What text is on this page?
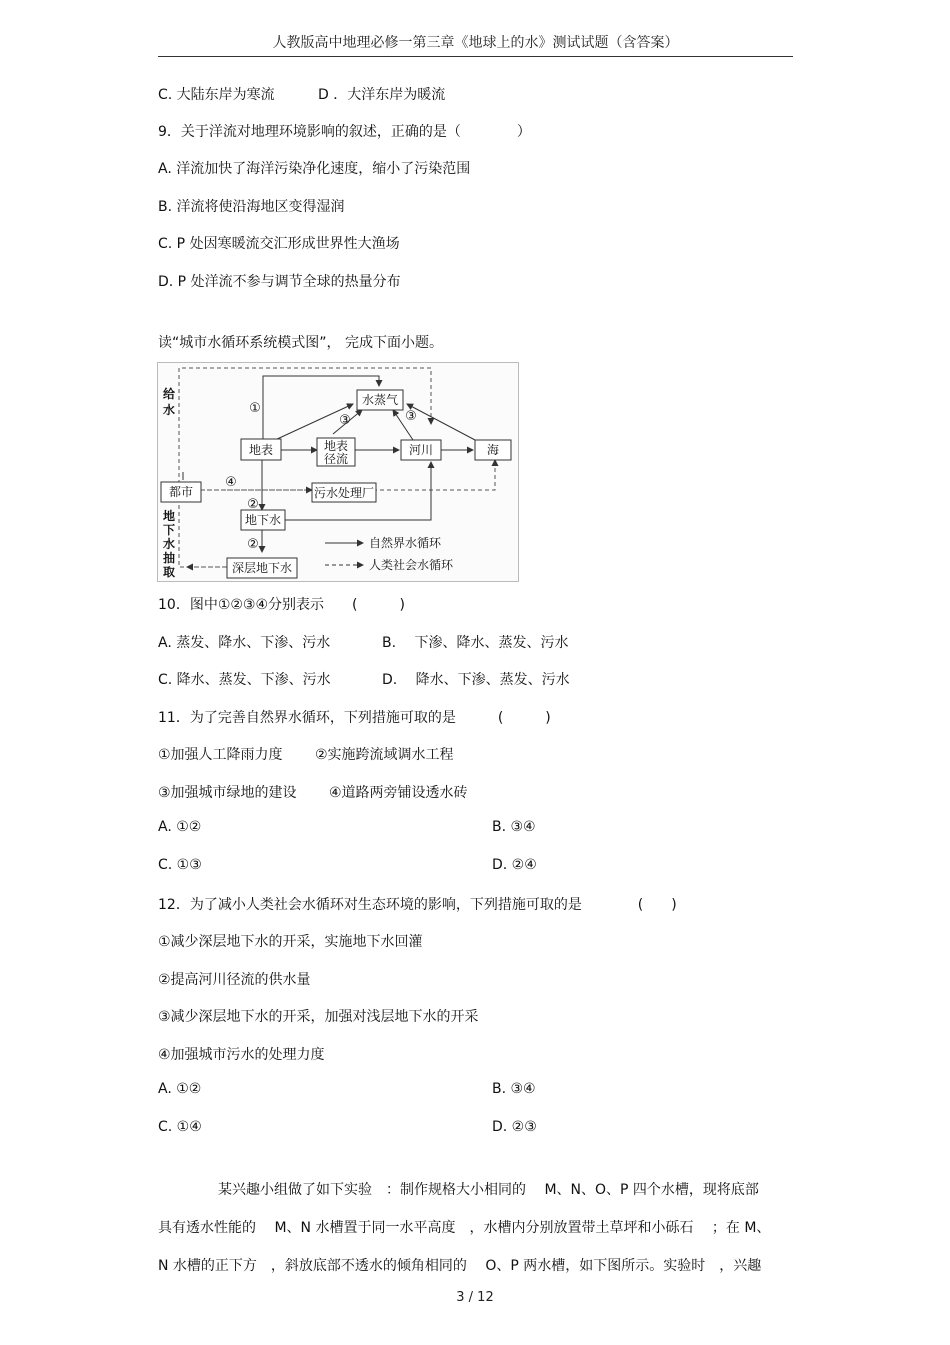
人教版高中地理必修一第三章《地球上的水》测试试题（含答案）
C. 大陆东岸为寒流	D ．大洋东岸为暖流
9．关于洋流对地理环境影响的叙述，正确的是（　　　　）
A. 洋流加快了海洋污染净化速度，缩小了污染范围
B. 洋流将使沿海地区变得湿润
C. P 处因寒暖流交汇形成世界性大渔场
D. P 处洋流不参与调节全球的热量分布
读“城市水循环系统模式图”， 完成下面小题。
地表
水蒸气
地表
径流
河川	海
都市	污水处理厂
地下水
深层地下水
给
水
地
下
水
抽
取
①
③	③
④
②
②	自然界水循环
人类社会水循环
10．图中①②③④分别表示　　(　　　)
A. 蒸发、降水、下渗、污水	B.　 下渗、降水、蒸发、污水
C. 降水、蒸发、下渗、污水	D.　 降水、下渗、蒸发、污水
11．为了完善自然界水循环，下列措施可取的是　　　(　　　)
①加强人工降雨力度　　 ②实施跨流域调水工程
③加强城市绿地的建设　　 ④道路两旁铺设透水砖
A. ①②	B. ③④
C. ①③	D. ②④
12．为了减小人类社会水循环对生态环境的影响，下列措施可取的是　　　　(　　)
①减少深层地下水的开采，实施地下水回灌
②提高河川径流的供水量
③减少深层地下水的开采，加强对浅层地下水的开采
④加强城市污水的处理力度
A. ①②	B. ③④
C. ①④	D. ②③

某兴趣小组做了如下实验　：制作规格大小相同的　 M、N、O、P 四个水槽，现将底部

具有透水性能的　 M、N 水槽置于同一水平高度　，水槽内分别放置带土草坪和小砾石　 ；在 M、

N 水槽的正下方　，斜放底部不透水的倾角相同的　 O、P 两水槽，如下图所示。实验时　，兴趣

3 / 12
